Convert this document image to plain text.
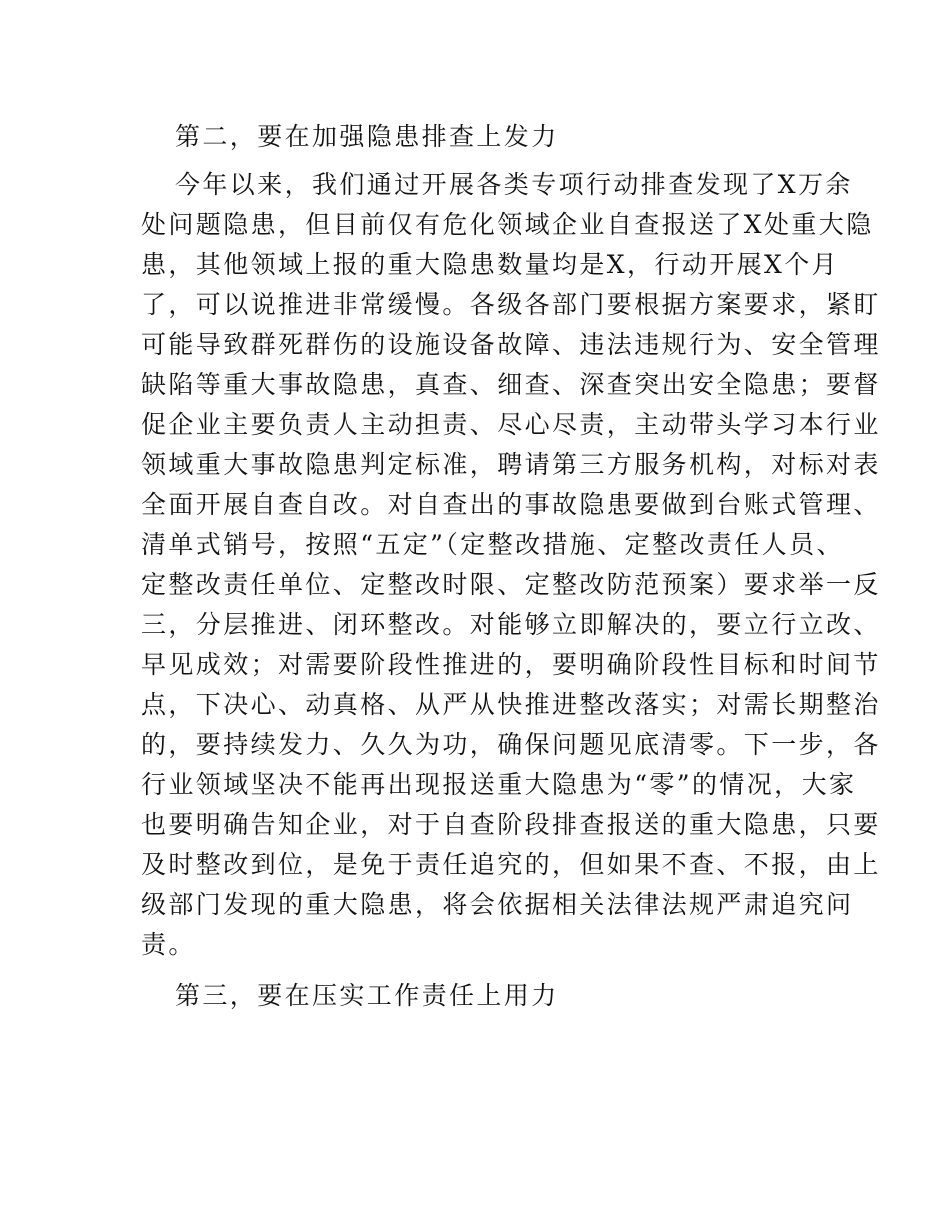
第二，要在加强隐患排查上发力
今年以来，我们通过开展各类专项行动排查发现了X万余
处问题隐患，但目前仅有危化领域企业自查报送了X处重大隐
患，其他领域上报的重大隐患数量均是X，行动开展X个月
了，可以说推进非常缓慢。各级各部门要根据方案要求，紧盯
可能导致群死群伤的设施设备故障、违法违规行为、安全管理
缺陷等重大事故隐患，真查、细查、深查突出安全隐患；要督
促企业主要负责人主动担责、尽心尽责，主动带头学习本行业
领域重大事故隐患判定标准，聘请第三方服务机构，对标对表
全面开展自查自改。对自查出的事故隐患要做到台账式管理、
清单式销号，按照“五定”（定整改措施、定整改责任人员、
定整改责任单位、定整改时限、定整改防范预案）要求举一反
三，分层推进、闭环整改。对能够立即解决的，要立行立改、
早见成效；对需要阶段性推进的，要明确阶段性目标和时间节
点，下决心、动真格、从严从快推进整改落实；对需长期整治
的，要持续发力、久久为功，确保问题见底清零。下一步，各
行业领域坚决不能再出现报送重大隐患为“零”的情况，大家
也要明确告知企业，对于自查阶段排查报送的重大隐患，只要
及时整改到位，是免于责任追究的，但如果不查、不报，由上
级部门发现的重大隐患，将会依据相关法律法规严肃追究问
责。
第三，要在压实工作责任上用力
